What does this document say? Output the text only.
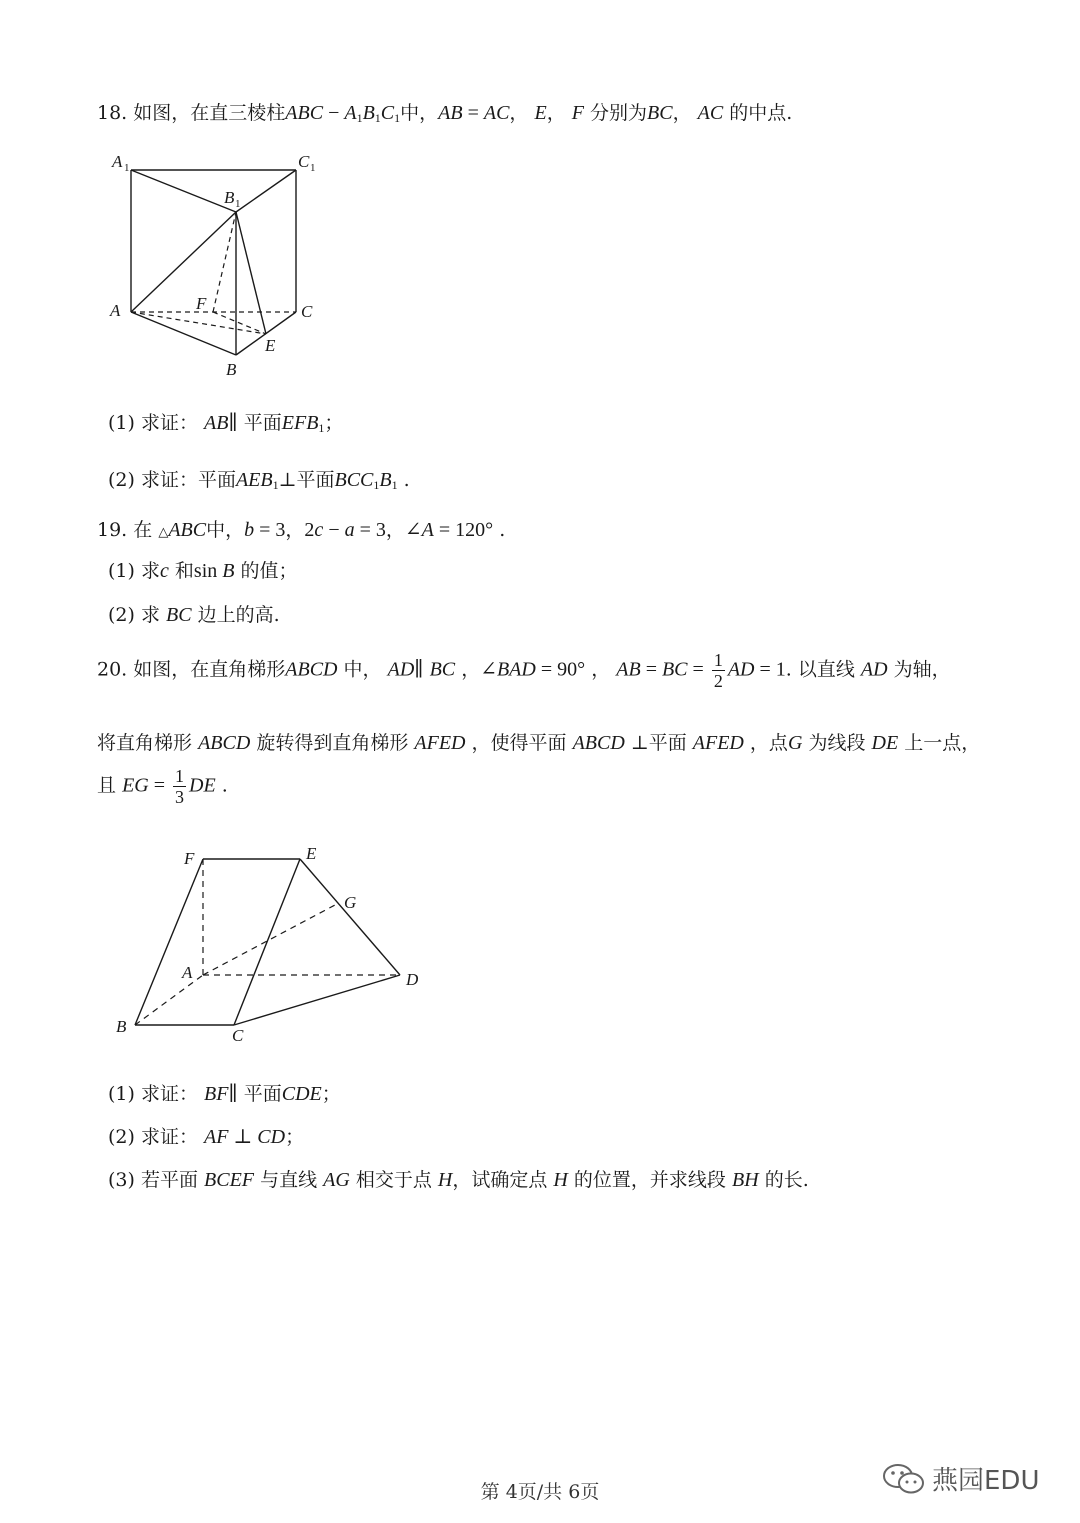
18. 如图，在直三棱柱ABC − $A_1B_1C_1$中，AB = AC， E， F 分别为BC， AC 的中点.
A 1	C 1
B 1
A	C
F
E
B
(1) 求证： AB∥ 平面$EFB_1$；
(2) 求证：平面$AEB_1\perp$平面$BCC_1B_1$ .
19. 在 △ABC中，b = 3，2c − a = 3，∠A = 120° .
(1) 求c 和sin B 的值；
(2) 求 BC 边上的高.
20. 如图，在直角梯形ABCD 中， AD∥ BC ，∠BAD = 90° ， AB = BC = $\frac{1}{2}$ AD = 1. 以直线 AD 为轴，
将直角梯形 ABCD 旋转得到直角梯形 AFED ，使得平面 ABCD ⊥平面 AFED ，点G 为线段 DE 上一点，
且 EG = $\frac{1}{3}$ DE .
F	E
G
A	D
B	C
(1) 求证： BF∥ 平面CDE；
(2) 求证： AF ⊥ CD；
(3) 若平面 BCEF 与直线 AG 相交于点 H，试确定点 H 的位置，并求线段 BH 的长.
第 4页/共 6页	燕园EDU
